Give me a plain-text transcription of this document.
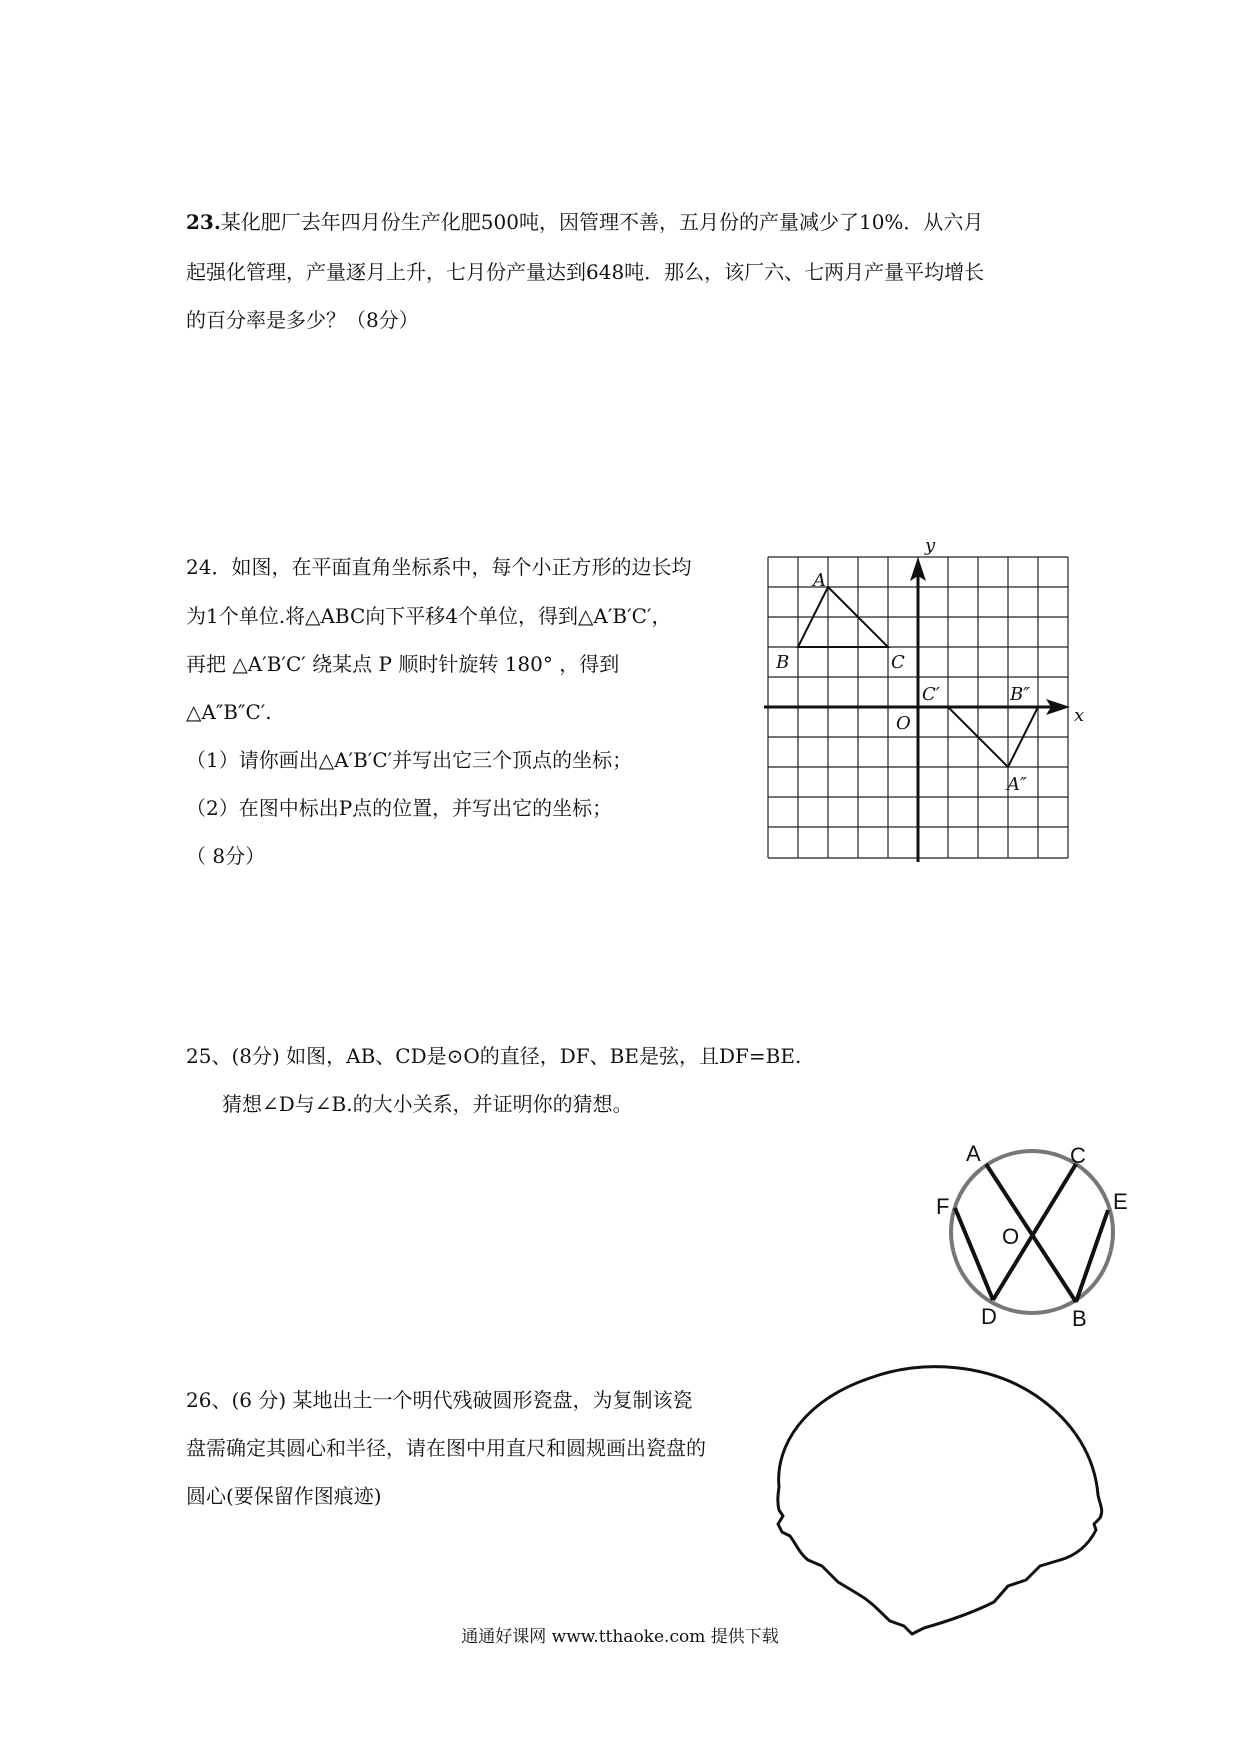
23.某化肥厂去年四月份生产化肥500吨，因管理不善，五月份的产量减少了10%．从六月
起强化管理，产量逐月上升，七月份产量达到648吨．那么，该厂六、七两月产量平均增长
的百分率是多少？（8分）
24．如图，在平面直角坐标系中，每个小正方形的边长均
为1个单位.将△ABC向下平移4个单位，得到△A′B′C′，
再把 △A′B′C′ 绕某点 P 顺时针旋转 180° ，得到
△A″B″C′.
（1）请你画出△A′B′C′并写出它三个顶点的坐标；
（2）在图中标出P点的位置，并写出它的坐标；
（ 8分）
y
x
O
A
B	C
C′	B″
A″
25、(8分) 如图，AB、CD是⊙O的直径，DF、BE是弦，且DF=BE.
猜想∠D与∠B.的大小关系，并证明你的猜想。
A	C
F	E
O
D	B
26、(6 分) 某地出土一个明代残破圆形瓷盘，为复制该瓷
盘需确定其圆心和半径，请在图中用直尺和圆规画出瓷盘的
圆心(要保留作图痕迹)
通通好课网 www.tthaoke.com 提供下载
